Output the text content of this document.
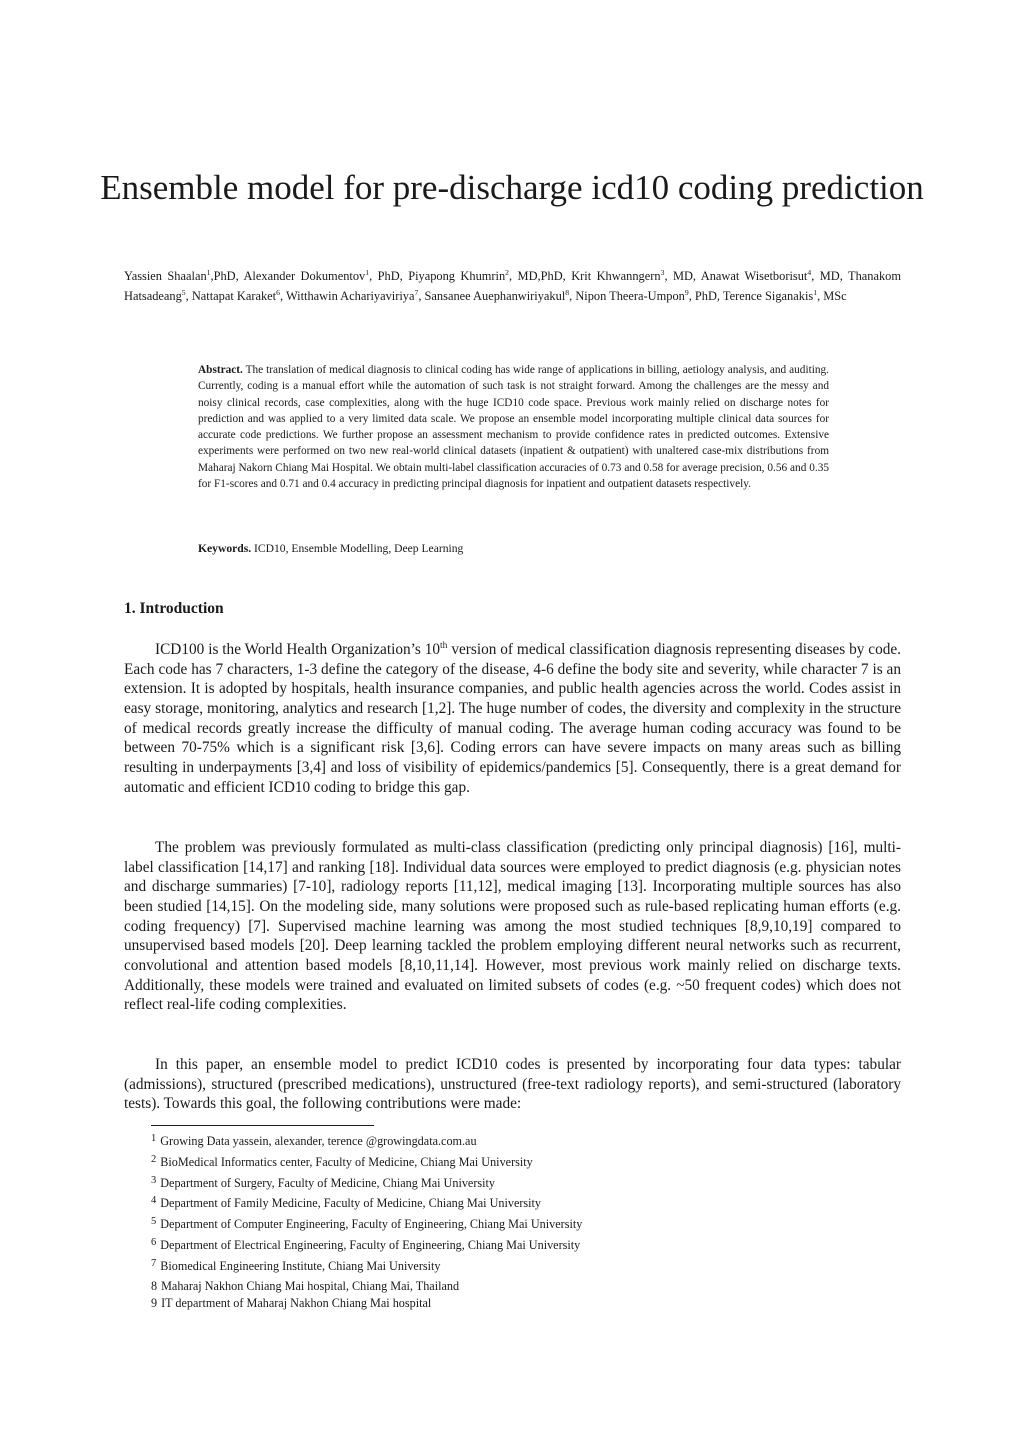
Ensemble model for pre-discharge icd10 coding prediction

Yassien Shaalan$^1$,PhD, Alexander Dokumentov$^1$, PhD, Piyapong Khumrin$^2$, MD,PhD, Krit Khwanngern$^3$, MD, Anawat Wisetborisut$^4$, MD, Thanakom Hatsadeang$^5$, Nattapat Karaket$^6$, Witthawin Achariyaviriya$^7$, Sansanee Auephanwiriyakul$^8$, Nipon Theera-Umpon$^9$, PhD, Terence Siganakis$^1$, MSc

Abstract. The translation of medical diagnosis to clinical coding has wide range of applications in billing, aetiology analysis, and auditing. Currently, coding is a manual effort while the automation of such task is not straight forward. Among the challenges are the messy and noisy clinical records, case complexities, along with the huge ICD10 code space. Previous work mainly relied on discharge notes for prediction and was applied to a very limited data scale. We propose an ensemble model incorporating multiple clinical data sources for accurate code predictions. We further propose an assessment mechanism to provide confidence rates in predicted outcomes. Extensive experiments were performed on two new real-world clinical datasets (inpatient & outpatient) with unaltered case-mix distributions from Maharaj Nakorn Chiang Mai Hospital. We obtain multi-label classification accuracies of 0.73 and 0.58 for average precision, 0.56 and 0.35 for F1-scores and 0.71 and 0.4 accuracy in predicting principal diagnosis for inpatient and outpatient datasets respectively.

Keywords. ICD10, Ensemble Modelling, Deep Learning

1. Introduction

ICD100 is the World Health Organization’s 10th version of medical classification diagnosis representing diseases by code. Each code has 7 characters, 1-3 define the category of the disease, 4-6 define the body site and severity, while character 7 is an extension. It is adopted by hospitals, health insurance companies, and public health agencies across the world. Codes assist in easy storage, monitoring, analytics and research [1,2]. The huge number of codes, the diversity and complexity in the structure of medical records greatly increase the difficulty of manual coding. The average human coding accuracy was found to be between 70-75% which is a significant risk [3,6]. Coding errors can have severe impacts on many areas such as billing resulting in underpayments [3,4] and loss of visibility of epidemics/pandemics [5]. Consequently, there is a great demand for automatic and efficient ICD10 coding to bridge this gap.

The problem was previously formulated as multi-class classification (predicting only principal diagnosis) [16], multi-label classification [14,17] and ranking [18]. Individual data sources were employed to predict diagnosis (e.g. physician notes and discharge summaries) [7-10], radiology reports [11,12], medical imaging [13]. Incorporating multiple sources has also been studied [14,15]. On the modeling side, many solutions were proposed such as rule-based replicating human efforts (e.g. coding frequency) [7]. Supervised machine learning was among the most studied techniques [8,9,10,19] compared to unsupervised based models [20]. Deep learning tackled the problem employing different neural networks such as recurrent, convolutional and attention based models [8,10,11,14]. However, most previous work mainly relied on discharge texts. Additionally, these models were trained and evaluated on limited subsets of codes (e.g. ~50 frequent codes) which does not reflect real-life coding complexities.

In this paper, an ensemble model to predict ICD10 codes is presented by incorporating four data types: tabular (admissions), structured (prescribed medications), unstructured (free-text radiology reports), and semi-structured (laboratory tests). Towards this goal, the following contributions were made:

1 Growing Data yassein, alexander, terence @growingdata.com.au
2 BioMedical Informatics center, Faculty of Medicine, Chiang Mai University
3 Department of Surgery, Faculty of Medicine, Chiang Mai University
4 Department of Family Medicine, Faculty of Medicine, Chiang Mai University
5 Department of Computer Engineering, Faculty of Engineering, Chiang Mai University
6 Department of Electrical Engineering, Faculty of Engineering, Chiang Mai University
7 Biomedical Engineering Institute, Chiang Mai University
8 Maharaj Nakhon Chiang Mai hospital, Chiang Mai, Thailand
9 IT department of Maharaj Nakhon Chiang Mai hospital
